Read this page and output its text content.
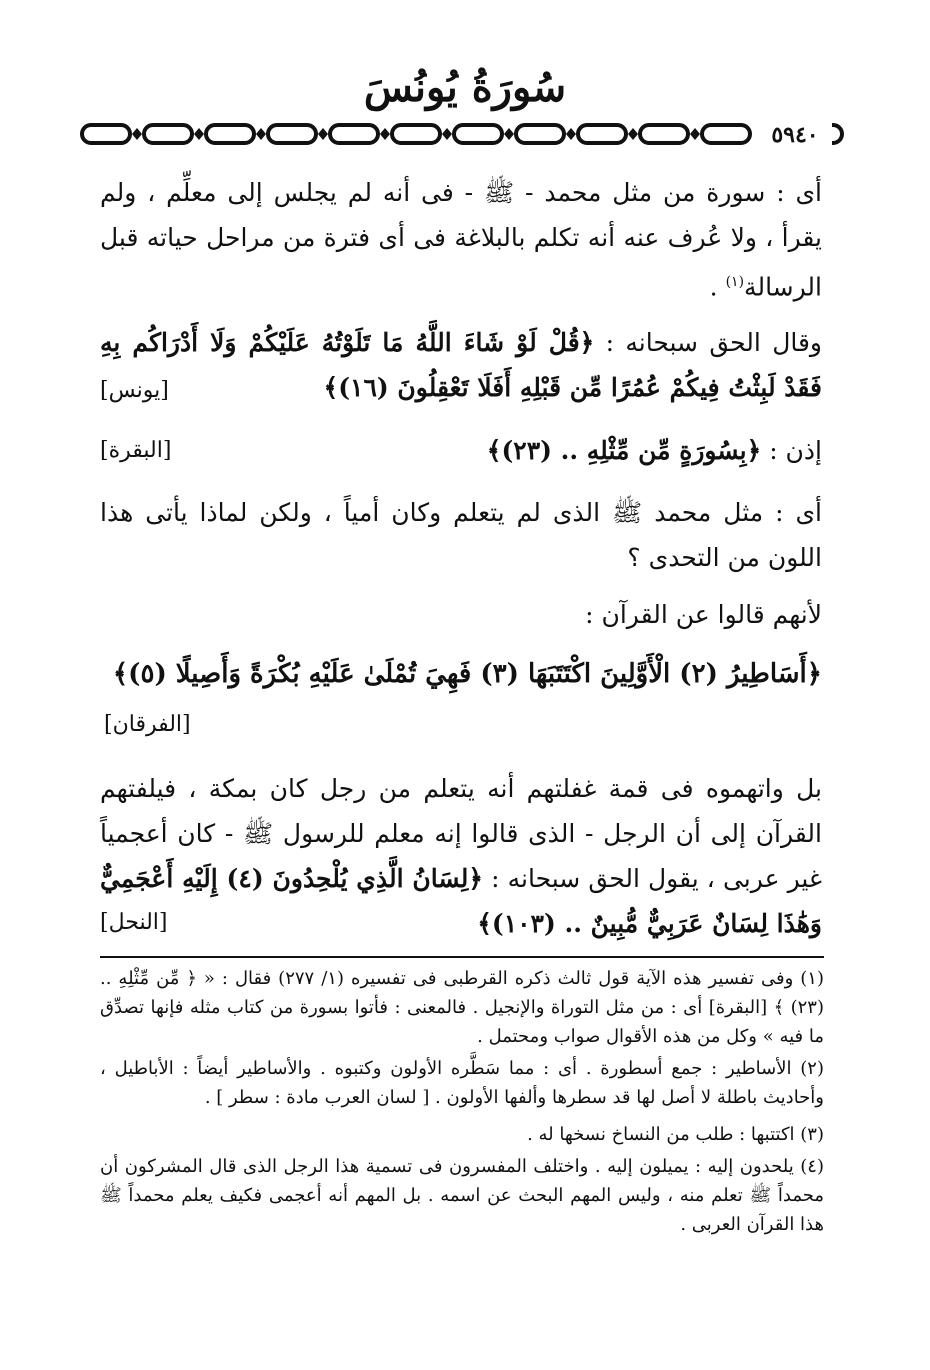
سُورَةُ يُونُسَ
٥٩٤٠
أى : سورة من مثل محمد - ﷺ - فى أنه لم يجلس إلى معلِّم ، ولم يقرأ ، ولا عُرف عنه أنه تكلم بالبلاغة فى أى فترة من مراحل حياته قبل الرسالة$^{(١)}$ .
وقال الحق سبحانه : ﴿قُلْ لَوْ شَاءَ اللَّهُ مَا تَلَوْتُهُ عَلَيْكُمْ وَلَا أَدْرَاكُم بِهِ فَقَدْ لَبِثْتُ فِيكُمْ عُمُرًا مِّن قَبْلِهِ أَفَلَا تَعْقِلُونَ (١٦)﴾
[يونس]
إذن : ﴿بِسُورَةٍ مِّن مِّثْلِهِ .. (٢٣)﴾
[البقرة]
أى : مثل محمد ﷺ الذى لم يتعلم وكان أمياً ، ولكن لماذا يأتى هذا اللون من التحدى ؟
لأنهم قالوا عن القرآن :
﴿أَسَاطِيرُ (٢) الْأَوَّلِينَ اكْتَتَبَهَا (٣) فَهِيَ تُمْلَىٰ عَلَيْهِ بُكْرَةً وَأَصِيلًا (٥)﴾
[الفرقان]
بل واتهموه فى قمة غفلتهم أنه يتعلم من رجل كان بمكة ، فيلفتهم القرآن إلى أن الرجل - الذى قالوا إنه معلم للرسول ﷺ - كان أعجمياً غير عربى ، يقول الحق سبحانه : ﴿لِسَانُ الَّذِي يُلْحِدُونَ (٤) إِلَيْهِ أَعْجَمِيٌّ وَهَٰذَا لِسَانٌ عَرَبِيٌّ مُّبِينٌ .. (١٠٣)﴾
[النحل]
(١) وفى تفسير هذه الآية قول ثالث ذكره القرطبى فى تفسيره (١/ ٢٧٧) فقال : « ﴿ مِّن مِّثْلِهِ .. (٢٣) ﴾ [البقرة] أى : من مثل التوراة والإنجيل . فالمعنى : فأتوا بسورة من كتاب مثله فإنها تصدِّق ما فيه » وكل من هذه الأقوال صواب ومحتمل .
(٢) الأساطير : جمع أسطورة . أى : مما سَطَّره الأولون وكتبوه . والأساطير أيضاً : الأباطيل ، وأحاديث باطلة لا أصل لها قد سطرها وألفها الأولون . [ لسان العرب مادة : سطر ] .
(٣) اكتتبها : طلب من النساخ نسخها له .
(٤) يلحدون إليه : يميلون إليه . واختلف المفسرون فى تسمية هذا الرجل الذى قال المشركون أن محمداً ﷺ تعلم منه ، وليس المهم البحث عن اسمه . بل المهم أنه أعجمى فكيف يعلم محمداً ﷺ هذا القرآن العربى .
